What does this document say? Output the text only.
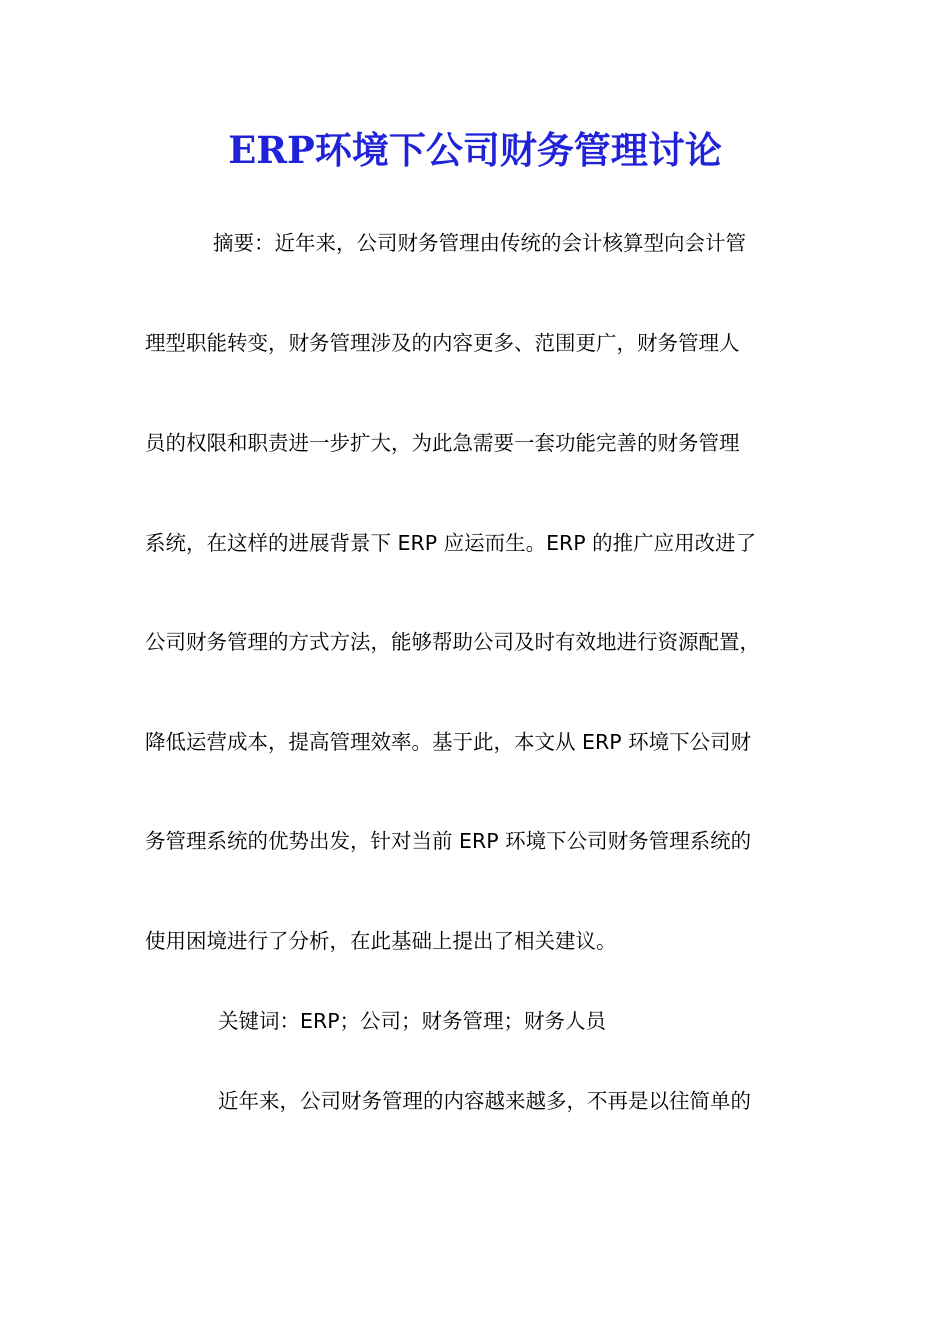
ERP环境下公司财务管理讨论
摘要：近年来，公司财务管理由传统的会计核算型向会计管
理型职能转变，财务管理涉及的内容更多、范围更广，财务管理人
员的权限和职责进一步扩大，为此急需要一套功能完善的财务管理
系统，在这样的进展背景下 ERP 应运而生。ERP 的推广应用改进了
公司财务管理的方式方法，能够帮助公司及时有效地进行资源配置，
降低运营成本，提高管理效率。基于此，本文从 ERP 环境下公司财
务管理系统的优势出发，针对当前 ERP 环境下公司财务管理系统的
使用困境进行了分析，在此基础上提出了相关建议。
关键词：ERP；公司；财务管理；财务人员
近年来，公司财务管理的内容越来越多，不再是以往简单的
